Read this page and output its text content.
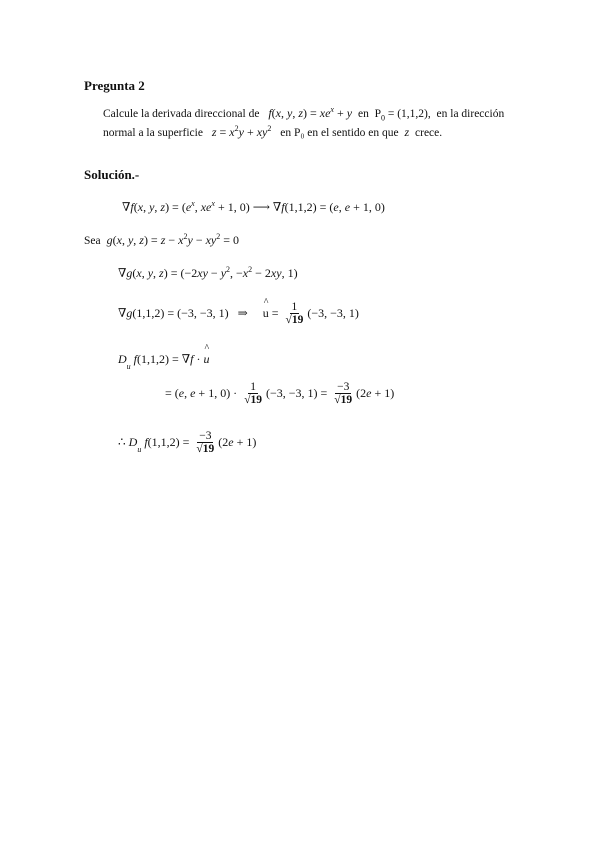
Pregunta 2
Calcule la derivada direccional de f(x, y, $z) = xe^x + y$ en  $P_0 = (1,1,2)$,  en la dirección
normal a la superficie $z = x^2y + xy^2$ en P₀ en el sentido en que z crece.
Solución.-
∇f(x, y, $z) = (e^x$, $xe^x + 1$, 0) ⟶ ∇f(1,1,2) = (e, e + 1, 0)
Sea g(x, y, $z) = z - x^2y - xy^2 = 0$
∇g(x, y, $z) = (-2xy - y^2$, $-x^2 - 2xy$, 1)
∇g(1,1,2) = (−3, −3, 1)   ⇒     ^ $u = \frac{1}{√19} (-3$, −3, 1)
$D_u$ f(1,1,2) = ∇f · ^ u
= (e, e + 1, $0) \cdot \frac{1}{√19} (-3$, −3, $1) = \frac{-3}{√19} (2e + 1)$
∴ $D_u$ $f(1,1,2) = \frac{-3}{√19} (2e + 1)$
